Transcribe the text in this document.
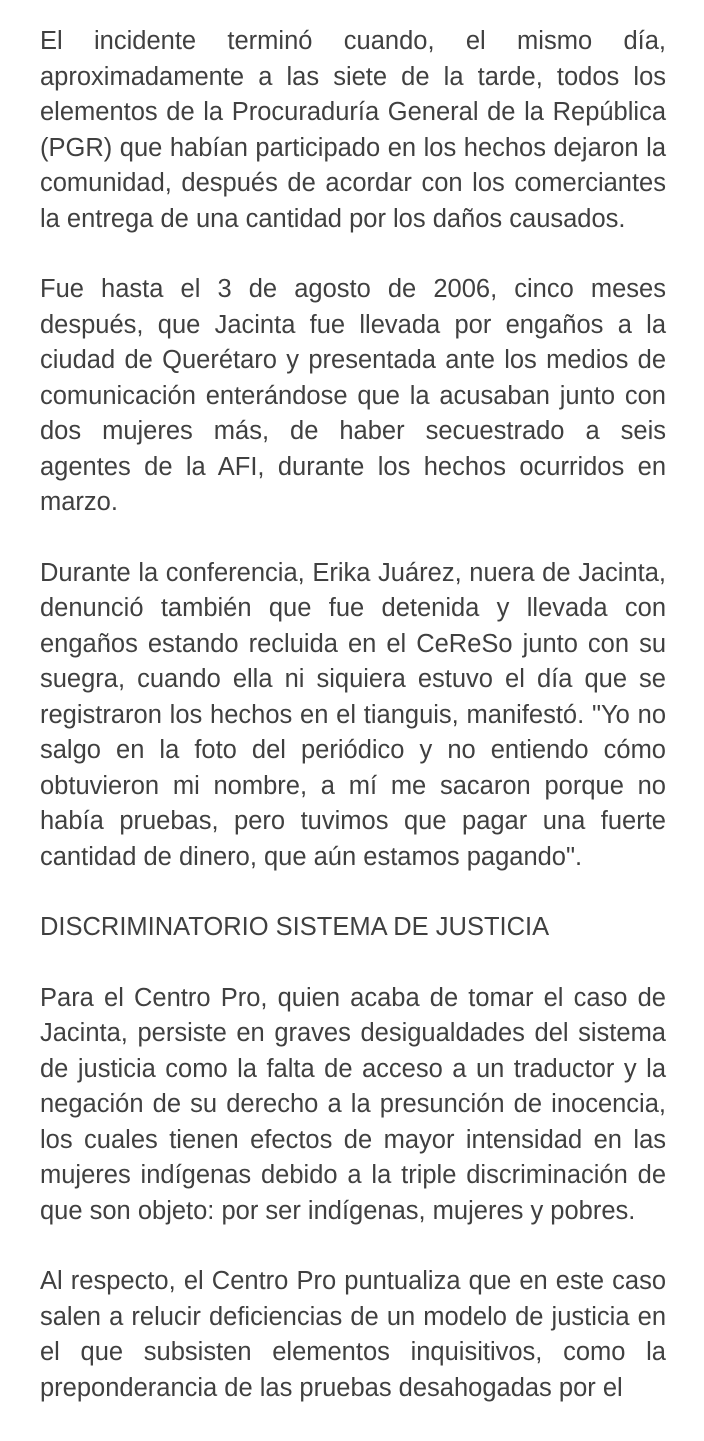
El incidente terminó cuando, el mismo día, aproximadamente a las siete de la tarde, todos los elementos de la Procuraduría General de la República (PGR) que habían participado en los hechos dejaron la comunidad, después de acordar con los comerciantes la entrega de una cantidad por los daños causados.

Fue hasta el 3 de agosto de 2006, cinco meses después, que Jacinta fue llevada por engaños a la ciudad de Querétaro y presentada ante los medios de comunicación enterándose que la acusaban junto con dos mujeres más, de haber secuestrado a seis agentes de la AFI, durante los hechos ocurridos en marzo.

Durante la conferencia, Erika Juárez, nuera de Jacinta, denunció también que fue detenida y llevada con engaños estando recluida en el CeReSo junto con su suegra, cuando ella ni siquiera estuvo el día que se registraron los hechos en el tianguis, manifestó. "Yo no salgo en la foto del periódico y no entiendo cómo obtuvieron mi nombre, a mí me sacaron porque no había pruebas, pero tuvimos que pagar una fuerte cantidad de dinero, que aún estamos pagando".

DISCRIMINATORIO SISTEMA DE JUSTICIA

Para el Centro Pro, quien acaba de tomar el caso de Jacinta, persiste en graves desigualdades del sistema de justicia como la falta de acceso a un traductor y la negación de su derecho a la presunción de inocencia, los cuales tienen efectos de mayor intensidad en las mujeres indígenas debido a la triple discriminación de que son objeto: por ser indígenas, mujeres y pobres.

Al respecto, el Centro Pro puntualiza que en este caso salen a relucir deficiencias de un modelo de justicia en el que subsisten elementos inquisitivos, como la preponderancia de las pruebas desahogadas por el
